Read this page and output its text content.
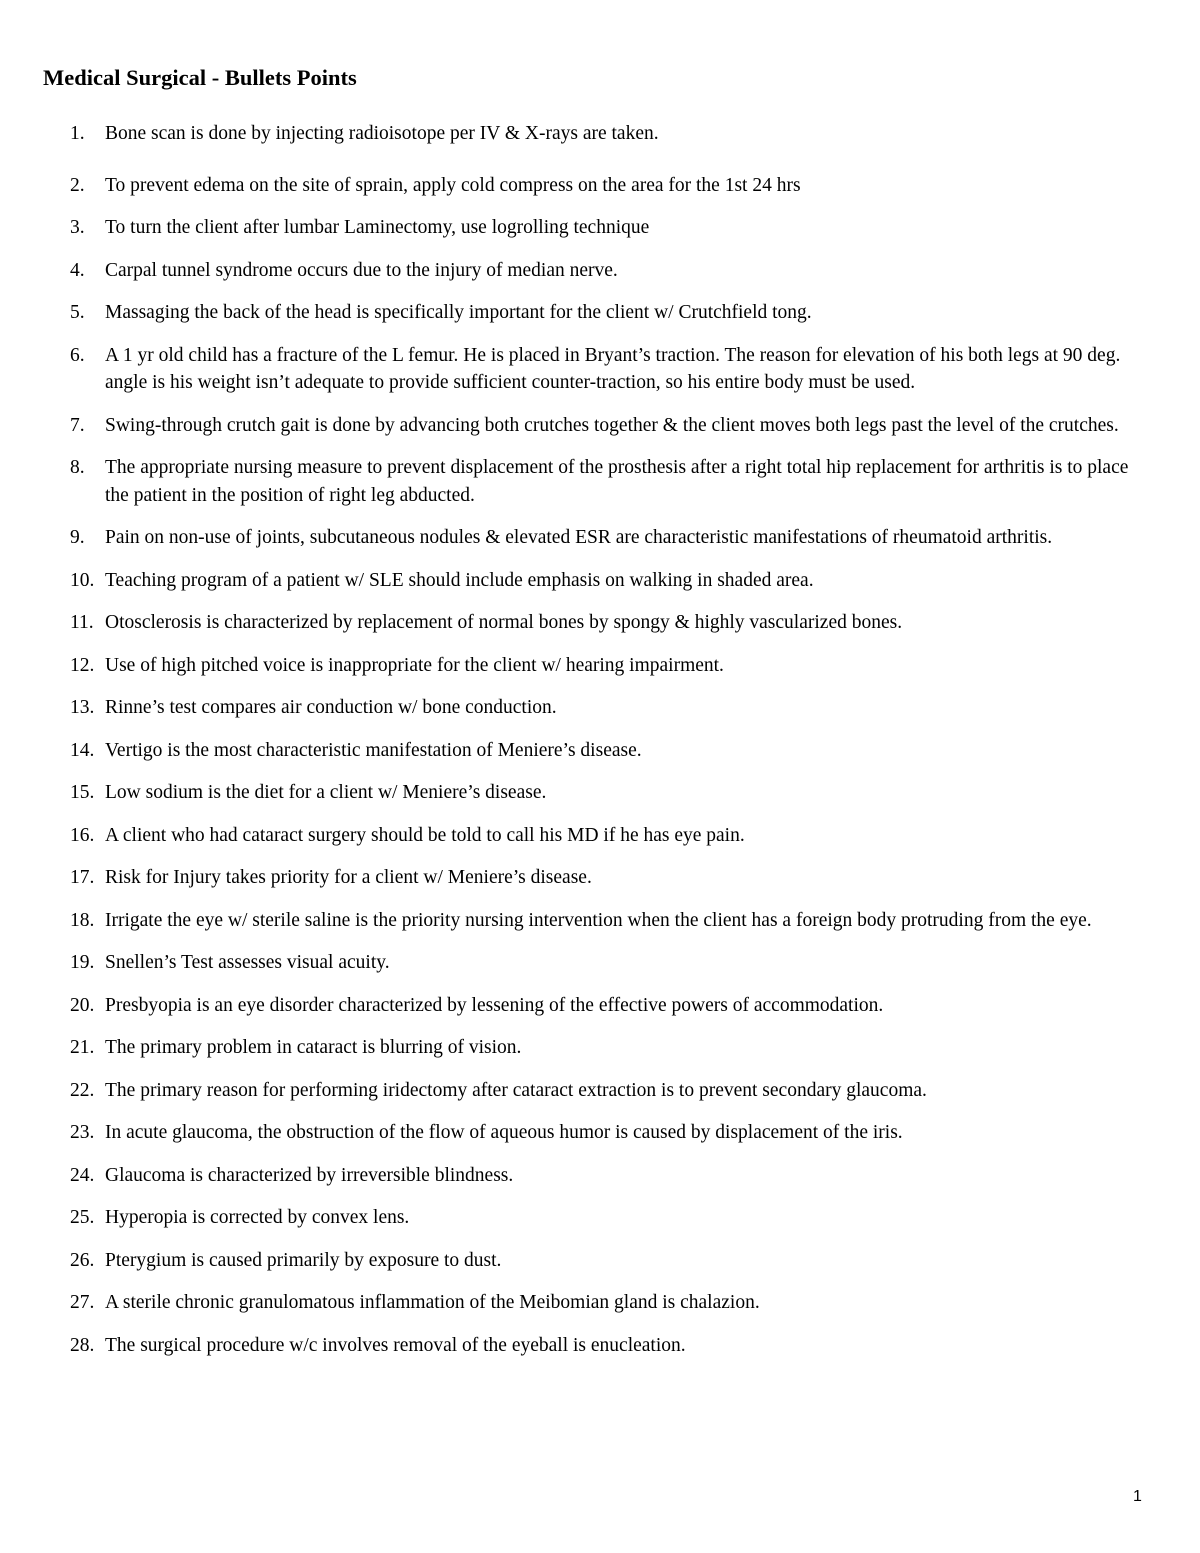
Medical Surgical - Bullets Points
1. Bone scan is done by injecting radioisotope per IV & X-rays are taken.
2. To prevent edema on the site of sprain, apply cold compress on the area for the 1st 24 hrs
3. To turn the client after lumbar Laminectomy, use logrolling technique
4. Carpal tunnel syndrome occurs due to the injury of median nerve.
5. Massaging the back of the head is specifically important for the client w/ Crutchfield tong.
6. A 1 yr old child has a fracture of the L femur. He is placed in Bryant’s traction. The reason for elevation of his both legs at 90 deg. angle is his weight isn’t adequate to provide sufficient counter-traction, so his entire body must be used.
7. Swing-through crutch gait is done by advancing both crutches together & the client moves both legs past the level of the crutches.
8. The appropriate nursing measure to prevent displacement of the prosthesis after a right total hip replacement for arthritis is to place the patient in the position of right leg abducted.
9. Pain on non-use of joints, subcutaneous nodules & elevated ESR are characteristic manifestations of rheumatoid arthritis.
10. Teaching program of a patient w/ SLE should include emphasis on walking in shaded area.
11. Otosclerosis is characterized by replacement of normal bones by spongy & highly vascularized bones.
12. Use of high pitched voice is inappropriate for the client w/ hearing impairment.
13. Rinne’s test compares air conduction w/ bone conduction.
14. Vertigo is the most characteristic manifestation of Meniere’s disease.
15. Low sodium is the diet for a client w/ Meniere’s disease.
16. A client who had cataract surgery should be told to call his MD if he has eye pain.
17. Risk for Injury takes priority for a client w/ Meniere’s disease.
18. Irrigate the eye w/ sterile saline is the priority nursing intervention when the client has a foreign body protruding from the eye.
19. Snellen’s Test assesses visual acuity.
20. Presbyopia is an eye disorder characterized by lessening of the effective powers of accommodation.
21. The primary problem in cataract is blurring of vision.
22. The primary reason for performing iridectomy after cataract extraction is to prevent secondary glaucoma.
23. In acute glaucoma, the obstruction of the flow of aqueous humor is caused by displacement of the iris.
24. Glaucoma is characterized by irreversible blindness.
25. Hyperopia is corrected by convex lens.
26. Pterygium is caused primarily by exposure to dust.
27. A sterile chronic granulomatous inflammation of the Meibomian gland is chalazion.
28. The surgical procedure w/c involves removal of the eyeball is enucleation.
1
